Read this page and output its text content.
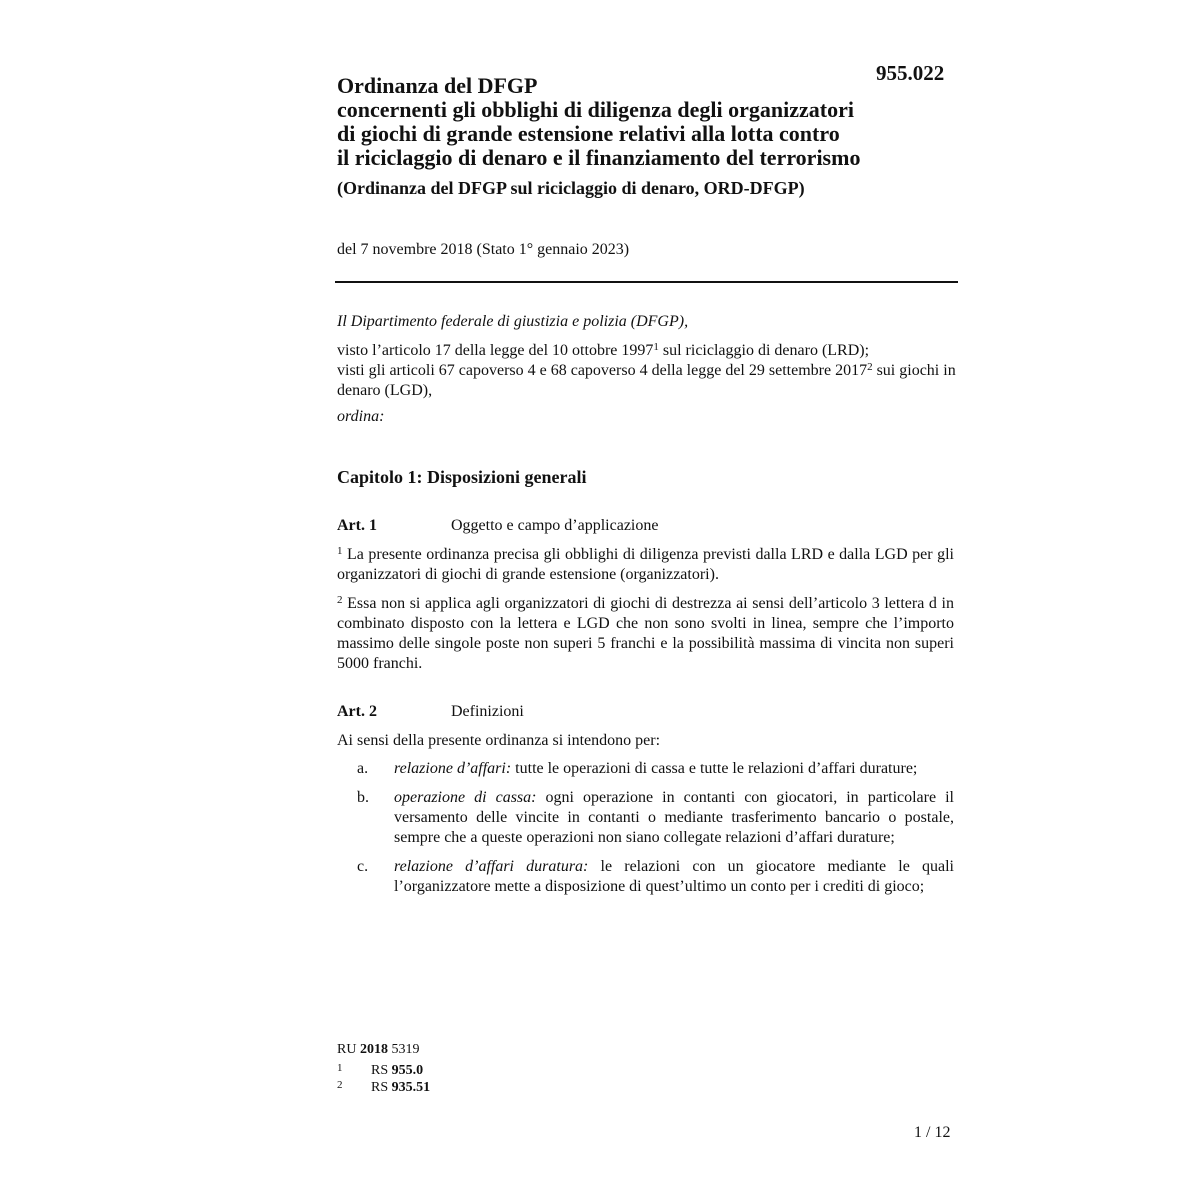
955.022
Ordinanza del DFGP
concernenti gli obblighi di diligenza degli organizzatori
di giochi di grande estensione relativi alla lotta contro
il riciclaggio di denaro e il finanziamento del terrorismo
(Ordinanza del DFGP sul riciclaggio di denaro, ORD-DFGP)
del 7 novembre 2018 (Stato 1° gennaio 2023)

Il Dipartimento federale di giustizia e polizia (DFGP),

visto l’articolo 17 della legge del 10 ottobre 1997$^1$ sul riciclaggio di denaro (LRD);

visti gli articoli 67 capoverso 4 e 68 capoverso 4 della legge del 29 settembre 2017$^2$ sui giochi in denaro (LGD),

ordina:

Capitolo 1: Disposizioni generali
Art. 1	Oggetto e campo d’applicazione

$^1$ La presente ordinanza precisa gli obblighi di diligenza previsti dalla LRD e dalla LGD per gli organizzatori di giochi di grande estensione (organizzatori).

$^2$ Essa non si applica agli organizzatori di giochi di destrezza ai sensi dell’articolo 3 lettera d in combinato disposto con la lettera e LGD che non sono svolti in linea, sempre che l’importo massimo delle singole poste non superi 5 franchi e la possibilità massima di vincita non superi 5000 franchi.

Art. 2	Definizioni
Ai sensi della presente ordinanza si intendono per:
a. relazione d’affari: tutte le operazioni di cassa e tutte le relazioni d’affari durature;
b. operazione di cassa: ogni operazione in contanti con giocatori, in particolare il versamento delle vincite in contanti o mediante trasferimento bancario o postale, sempre che a queste operazioni non siano collegate relazioni d’affari durature;
c. relazione d’affari duratura: le relazioni con un giocatore mediante le quali l’organizzatore mette a disposizione di quest’ultimo un conto per i crediti di gioco;
RU 2018 5319
1 RS 955.0
2 RS 935.51
1 / 12
